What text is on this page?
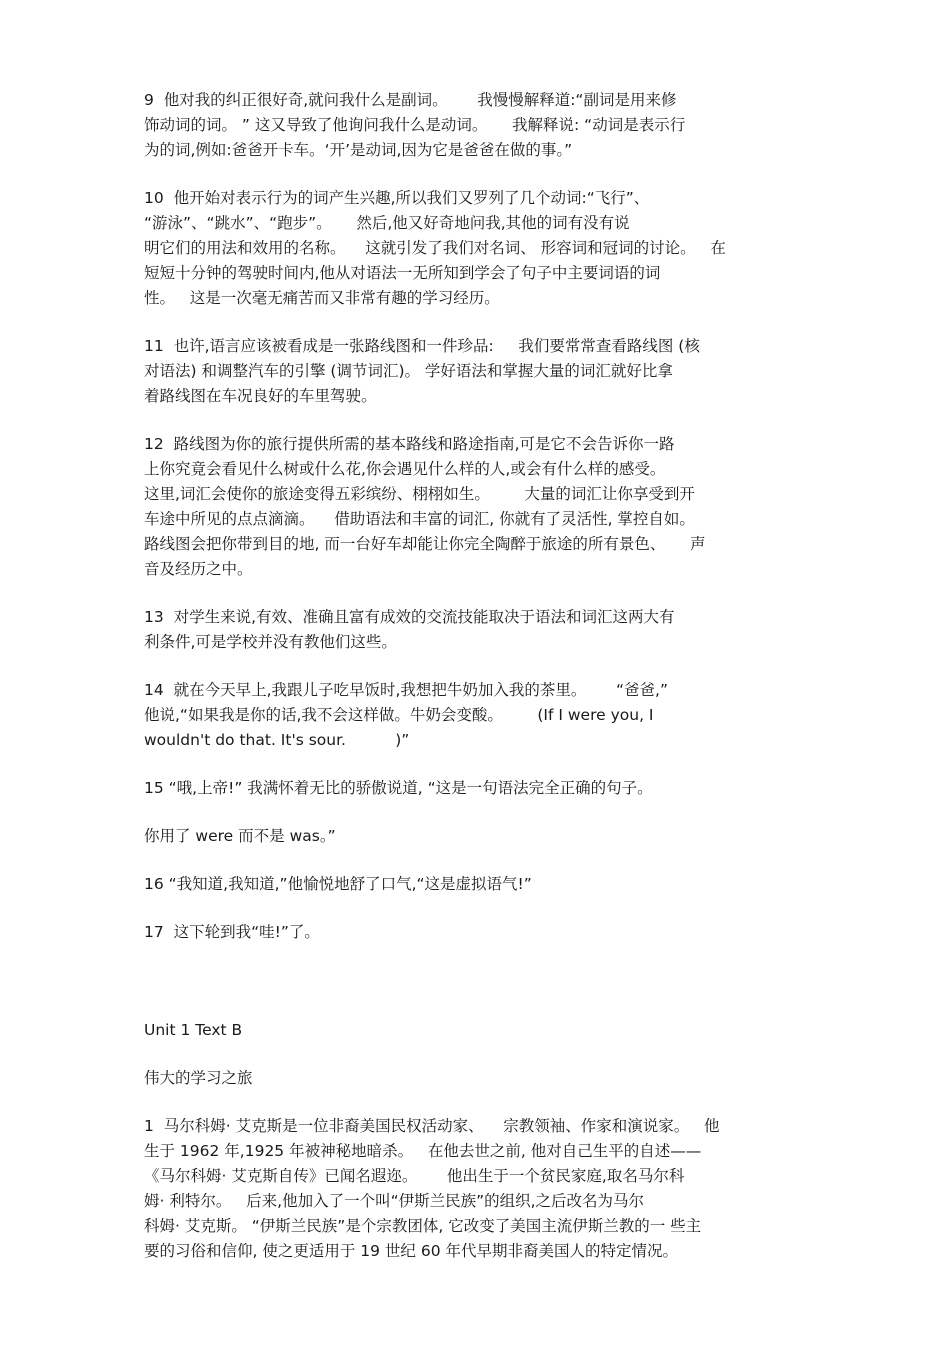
9  他对我的纠正很好奇,就问我什么是副词。      我慢慢解释道:“副词是用来修
饰动词的词。 ” 这又导致了他询问我什么是动词。     我解释说: “动词是表示行
为的词,例如:爸爸开卡车。‘开’是动词,因为它是爸爸在做的事。”

10  他开始对表示行为的词产生兴趣,所以我们又罗列了几个动词:“飞行”、
“游泳”、“跳水”、“跑步”。     然后,他又好奇地问我,其他的词有没有说
明它们的用法和效用的名称。    这就引发了我们对名词、 形容词和冠词的讨论。   在
短短十分钟的驾驶时间内,他从对语法一无所知到学会了句子中主要词语的词
性。   这是一次毫无痛苦而又非常有趣的学习经历。

11  也许,语言应该被看成是一张路线图和一件珍品:     我们要常常查看路线图 (核
对语法) 和调整汽车的引擎 (调节词汇)。 学好语法和掌握大量的词汇就好比拿
着路线图在车况良好的车里驾驶。

12  路线图为你的旅行提供所需的基本路线和路途指南,可是它不会告诉你一路
上你究竟会看见什么树或什么花,你会遇见什么样的人,或会有什么样的感受。
这里,词汇会使你的旅途变得五彩缤纷、栩栩如生。       大量的词汇让你享受到开
车途中所见的点点滴滴。    借助语法和丰富的词汇, 你就有了灵活性, 掌控自如。
路线图会把你带到目的地, 而一台好车却能让你完全陶醉于旅途的所有景色、     声
音及经历之中。

13  对学生来说,有效、准确且富有成效的交流技能取决于语法和词汇这两大有
利条件,可是学校并没有教他们这些。

14  就在今天早上,我跟儿子吃早饭时,我想把牛奶加入我的茶里。      “爸爸,”
他说,“如果我是你的话,我不会这样做。牛奶会变酸。       (If I were you, I
wouldn't do that. It's sour.          )”

15 “哦,上帝!” 我满怀着无比的骄傲说道, “这是一句语法完全正确的句子。

你用了 were 而不是 was。”

16 “我知道,我知道,”他愉悦地舒了口气,“这是虚拟语气!”

17  这下轮到我“哇!”了。

Unit 1 Text B

伟大的学习之旅

1  马尔科姆· 艾克斯是一位非裔美国民权活动家、    宗教领袖、作家和演说家。   他
生于 1962 年,1925 年被神秘地暗杀。   在他去世之前, 他对自己生平的自述——
《马尔科姆· 艾克斯自传》已闻名遐迩。      他出生于一个贫民家庭,取名马尔科
姆· 利特尔。   后来,他加入了一个叫“伊斯兰民族”的组织,之后改名为马尔
科姆· 艾克斯。 “伊斯兰民族”是个宗教团体, 它改变了美国主流伊斯兰教的一 些主
要的习俗和信仰, 使之更适用于 19 世纪 60 年代早期非裔美国人的特定情况。
